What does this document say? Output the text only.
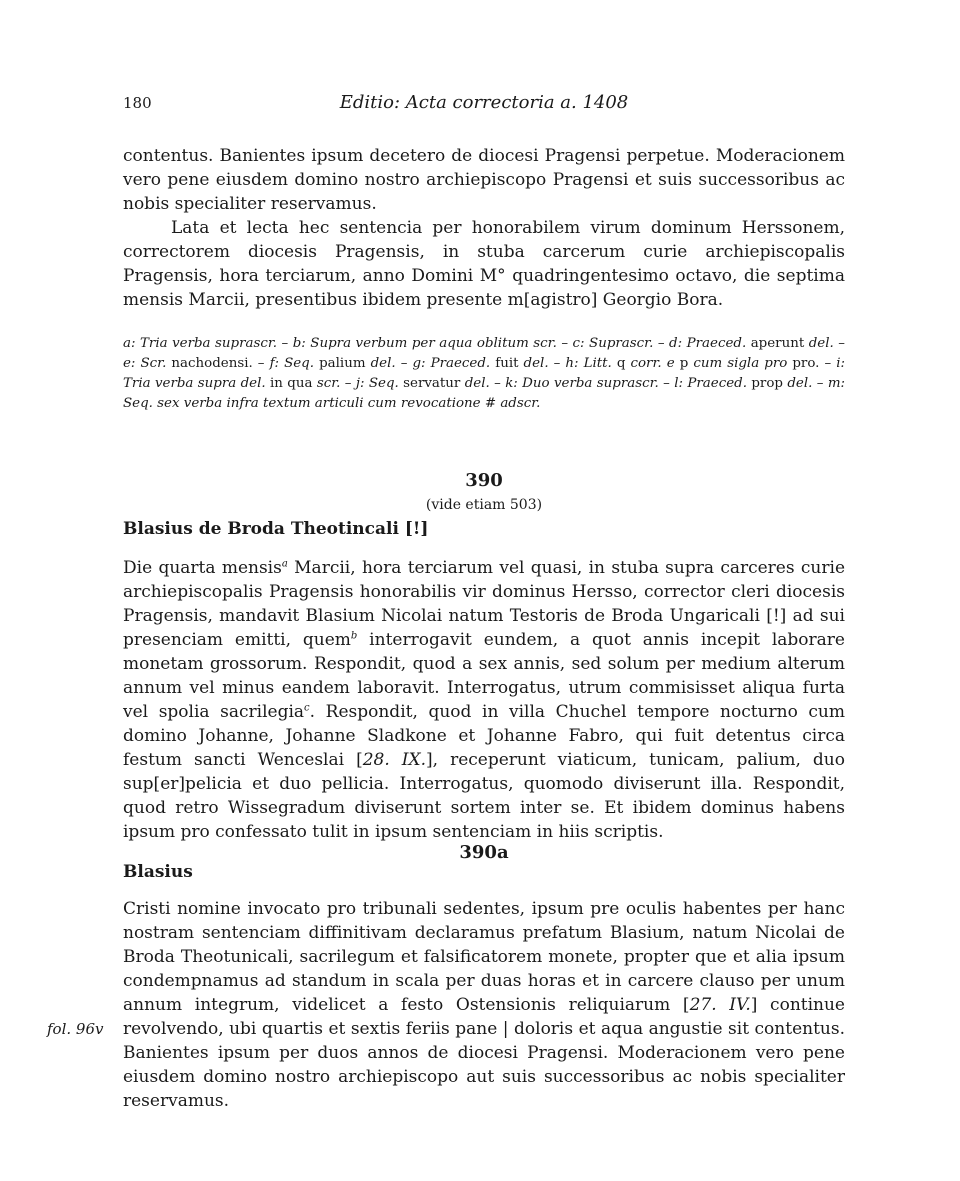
180	Editio: Acta correctoria a. 1408

contentus. Banientes ipsum decetero de diocesi Pragensi perpetue. Moderacionem vero pene eiusdem domino nostro archiepiscopo Pragensi et suis successoribus ac nobis specialiter reservamus.

Lata et lecta hec sentencia per honorabilem virum dominum Herssonem, correctorem diocesis Pragensis, in stuba carcerum curie archiepiscopalis Pragensis, hora terciarum, anno Domini M° quadringentesimo octavo, die septima mensis Marcii, presentibus ibidem presente m[agistro] Georgio Bora.

a: Tria verba suprascr. – b: Supra verbum per aqua oblitum scr. – c: Suprascr. – d: Praeced. aperunt del. – e: Scr. nachodensi. – f: Seq. palium del. – g: Praeced. fuit del. – h: Litt. q corr. e p cum sigla pro pro. – i: Tria verba supra del. in qua scr. – j: Seq. servatur del. – k: Duo verba suprascr. – l: Praeced. prop del. – m: Seq. sex verba infra textum articuli cum revocatione # adscr.
390
(vide etiam 503)
Blasius de Broda Theotincali [!]

Die quarta mensis$^a$ Marcii, hora terciarum vel quasi, in stuba supra carceres curie archiepiscopalis Pragensis honorabilis vir dominus Hersso, corrector cleri diocesis Pragensis, mandavit Blasium Nicolai natum Testoris de Broda Ungaricali [!] ad sui presenciam emitti, quem$^b$ interrogavit eundem, a quot annis incepit laborare monetam grossorum. Respondit, quod a sex annis, sed solum per medium alterum annum vel minus eandem laboravit. Interrogatus, utrum commisisset aliqua furta vel spolia sacrilegia$^c$. Respondit, quod in villa Chuchel tempore nocturno cum domino Johanne, Johanne Sladkone et Johanne Fabro, qui fuit detentus circa festum sancti Wenceslai [28. IX.], receperunt viaticum, tunicam, palium, duo sup[er]pelicia et duo pellicia. Interrogatus, quomodo diviserunt illa. Respondit, quod retro Wissegradum diviserunt sortem inter se. Et ibidem dominus habens ipsum pro confessato tulit in ipsum sentenciam in hiis scriptis.

390a
Blasius

Cristi nomine invocato pro tribunali sedentes, ipsum pre oculis habentes per hanc nostram sentenciam diffinitivam declaramus prefatum Blasium, natum Nicolai de Broda Theotunicali, sacrilegum et falsificatorem monete, propter que et alia ipsum condempnamus ad standum in scala per duas horas et in carcere clauso per unum annum integrum, videlicet a festo Ostensionis reliquiarum [27. IV.] continue revolvendo, ubi quartis et sextis feriis pane | doloris et aqua angustie sit contentus. Banientes ipsum per duos annos de diocesi Pragensi. Moderacionem vero pene eiusdem domino nostro archiepiscopo aut suis successoribus ac nobis specialiter reservamus.

fol. 96v
